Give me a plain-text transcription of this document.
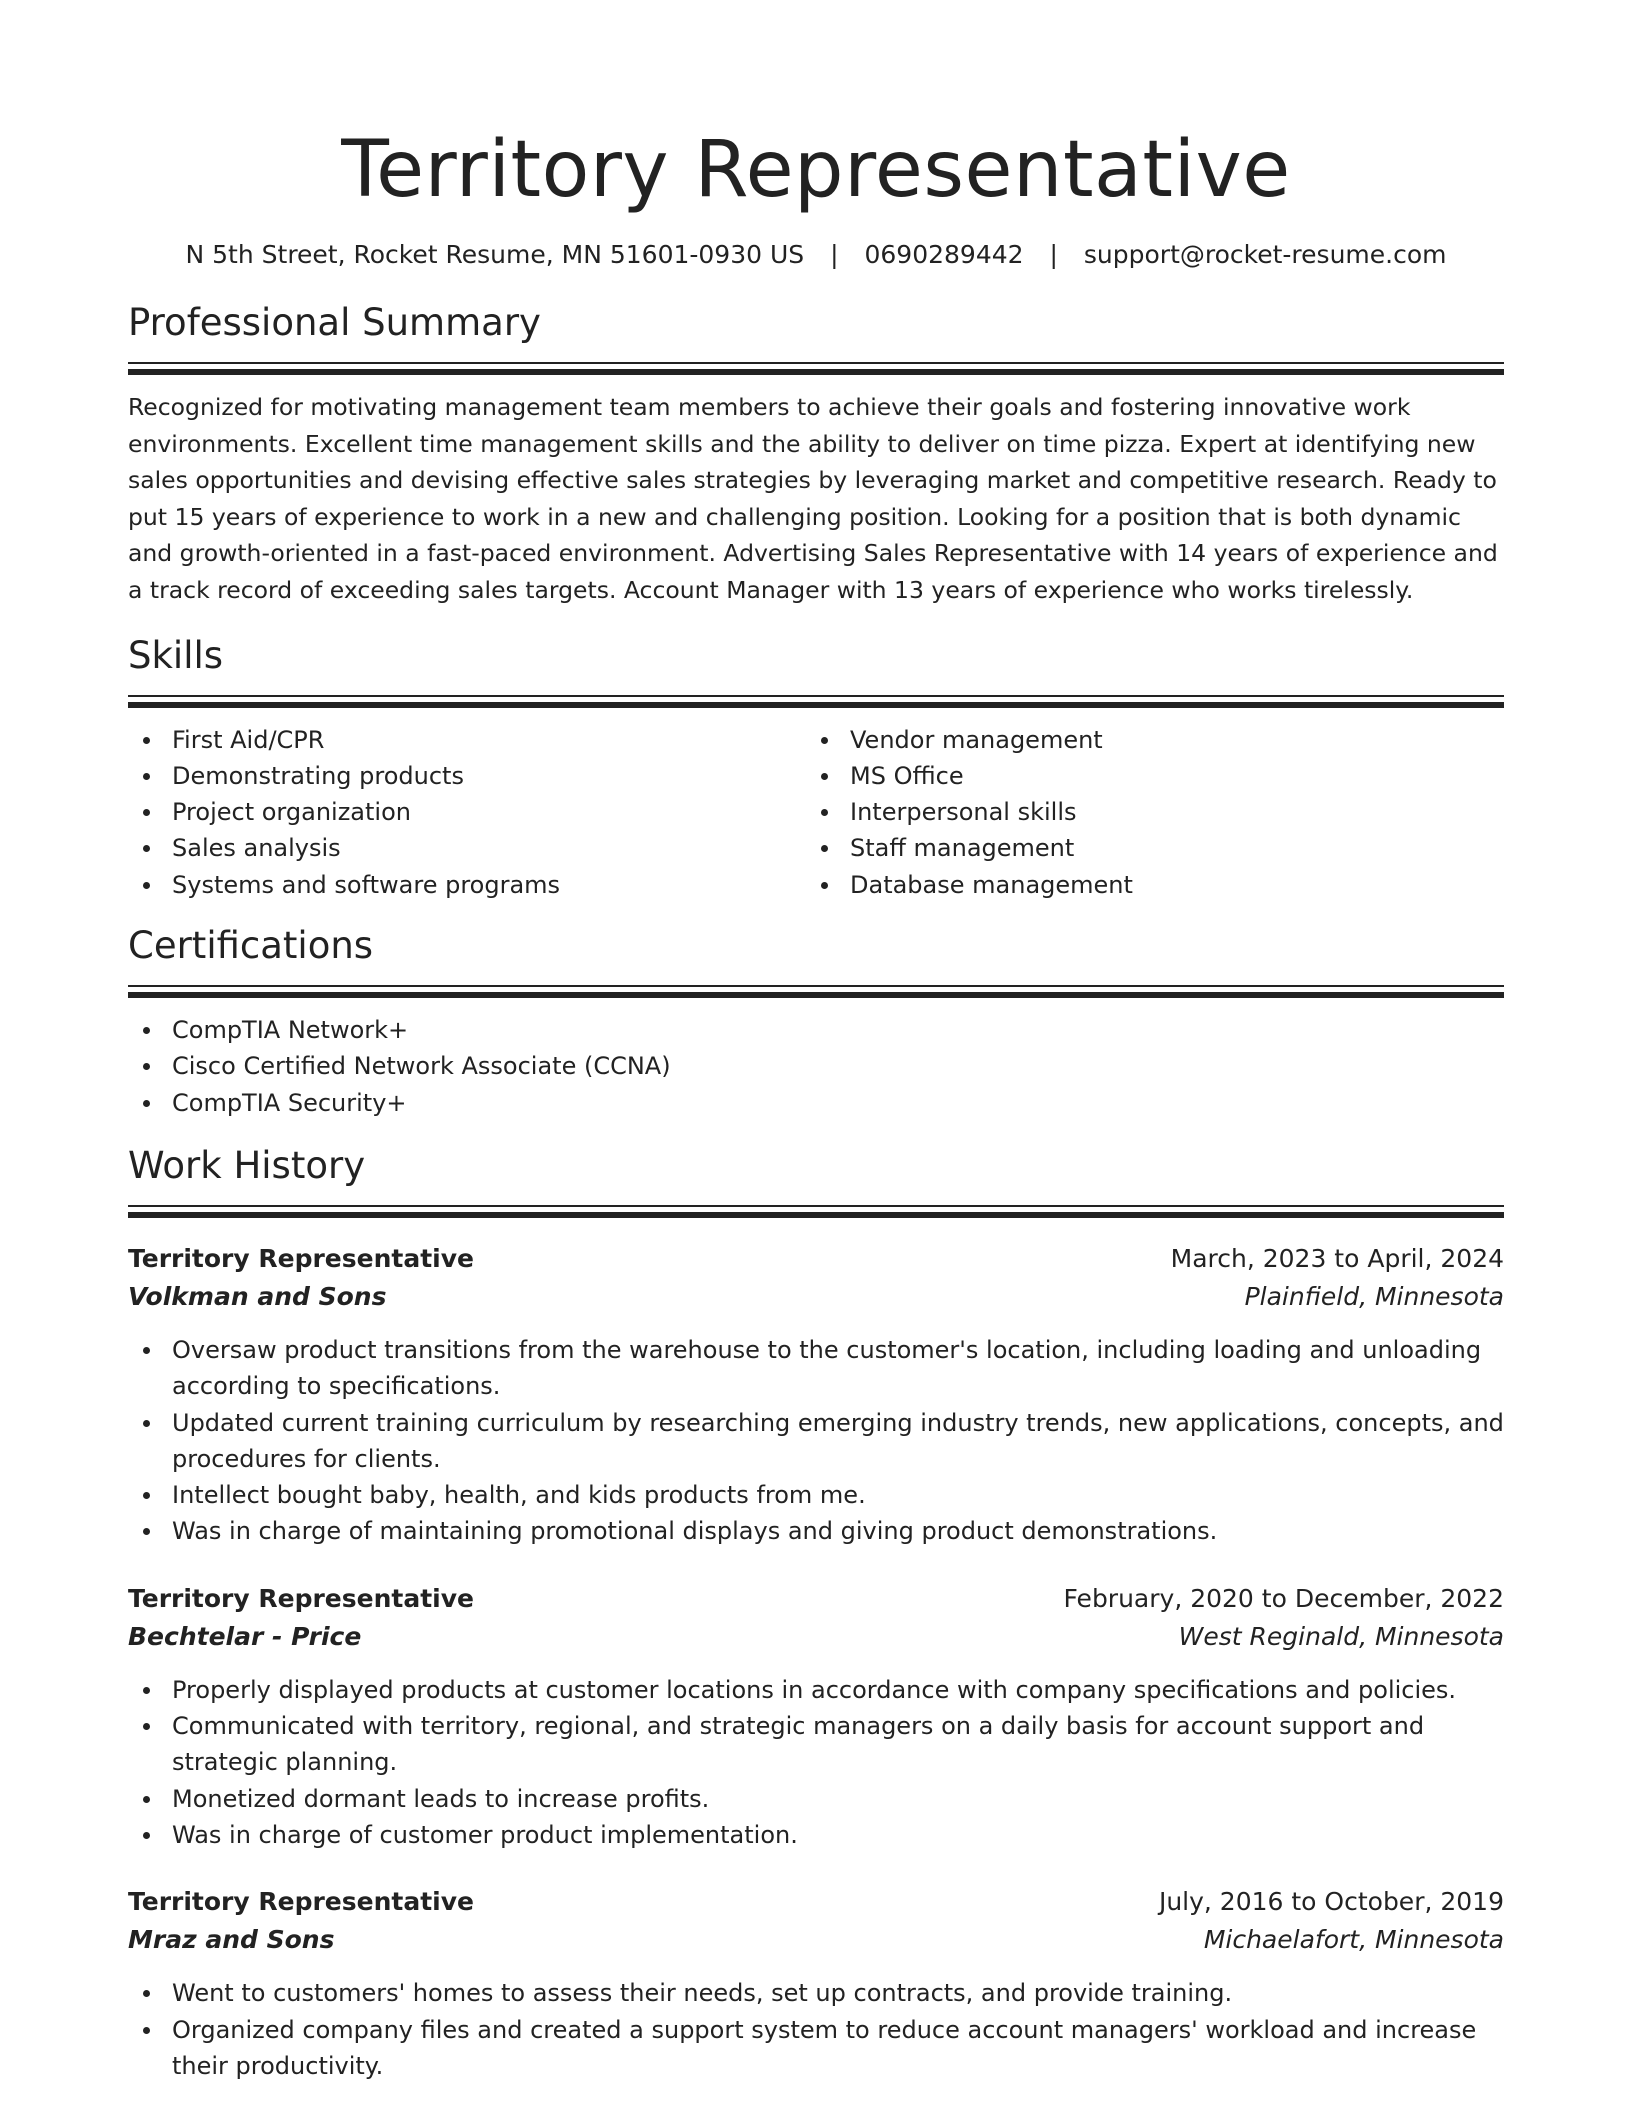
Territory Representative
N 5th Street, Rocket Resume, MN 51601-0930 US | 0690289442 | support@rocket-resume.com
Professional Summary

Recognized for motivating management team members to achieve their goals and fostering innovative work environments. Excellent time management skills and the ability to deliver on time pizza. Expert at identifying new sales opportunities and devising effective sales strategies by leveraging market and competitive research. Ready to put 15 years of experience to work in a new and challenging position. Looking for a position that is both dynamic and growth-oriented in a fast-paced environment. Advertising Sales Representative with 14 years of experience and a track record of exceeding sales targets. Account Manager with 13 years of experience who works tirelessly.

Skills
First Aid/CPR
Demonstrating products
Project organization
Sales analysis
Systems and software programs
Vendor management
MS Office
Interpersonal skills
Staff management
Database management
Certifications
CompTIA Network+
Cisco Certified Network Associate (CCNA)
CompTIA Security+
Work History
Territory Representative	March, 2023 to April, 2024
Volkman and Sons	Plainfield, Minnesota
Oversaw product transitions from the warehouse to the customer's location, including loading and unloading according to specifications.
Updated current training curriculum by researching emerging industry trends, new applications, concepts, and procedures for clients.
Intellect bought baby, health, and kids products from me.
Was in charge of maintaining promotional displays and giving product demonstrations.
Territory Representative	February, 2020 to December, 2022
Bechtelar - Price	West Reginald, Minnesota
Properly displayed products at customer locations in accordance with company specifications and policies.
Communicated with territory, regional, and strategic managers on a daily basis for account support and strategic planning.
Monetized dormant leads to increase profits.
Was in charge of customer product implementation.
Territory Representative	July, 2016 to October, 2019
Mraz and Sons	Michaelafort, Minnesota
Went to customers' homes to assess their needs, set up contracts, and provide training.
Organized company files and created a support system to reduce account managers' workload and increase their productivity.
